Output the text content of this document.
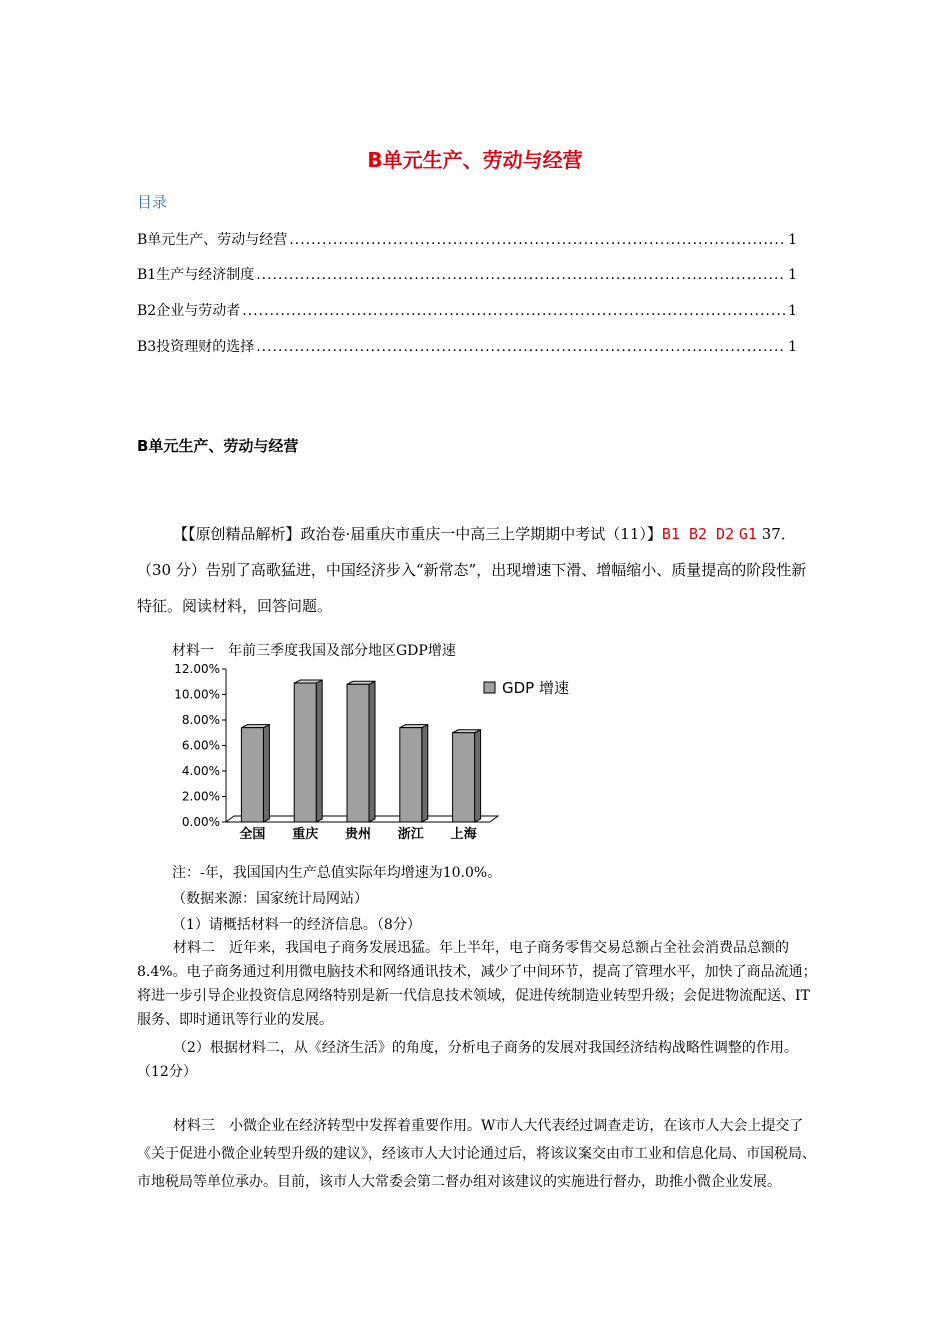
B单元生产、劳动与经营
目录
B单元生产、劳动与经营 .....	1
B1生产与经济制度 .....	1
B2企业与劳动者 .....	1
B3投资理财的选择 .....	1
B单元生产、劳动与经营
【【原创精品解析】政治卷·届重庆市重庆一中高三上学期期中考试（11）】B1 B2 D2 G1 37．（30 分）告别了高歌猛进，中国经济步入“新常态”，出现增速下滑、增幅缩小、质量提高的阶段性新特征。阅读材料，回答问题。
材料一　年前三季度我国及部分地区GDP增速
0.00%
2.00%
4.00%
6.00%
8.00%
10.00%
12.00%
全国 重庆 贵州 浙江 上海
GDP 增速
注：-年，我国国内生产总值实际年均增速为10.0%。
（数据来源：国家统计局网站）
（1）请概括材料一的经济信息。（8分）
材料二　近年来，我国电子商务发展迅猛。年上半年，电子商务零售交易总额占全社会消费品总额的8.4%。电子商务通过利用微电脑技术和网络通讯技术，减少了中间环节，提高了管理水平，加快了商品流通；将进一步引导企业投资信息网络特别是新一代信息技术领域，促进传统制造业转型升级；会促进物流配送、IT服务、即时通讯等行业的发展。
（2）根据材料二，从《经济生活》的角度，分析电子商务的发展对我国经济结构战略性调整的作用。（12分）
材料三　小微企业在经济转型中发挥着重要作用。W市人大代表经过调查走访，在该市人大会上提交了《关于促进小微企业转型升级的建议》，经该市人大讨论通过后，将该议案交由市工业和信息化局、市国税局、市地税局等单位承办。目前，该市人大常委会第二督办组对该建议的实施进行督办，助推小微企业发展。
